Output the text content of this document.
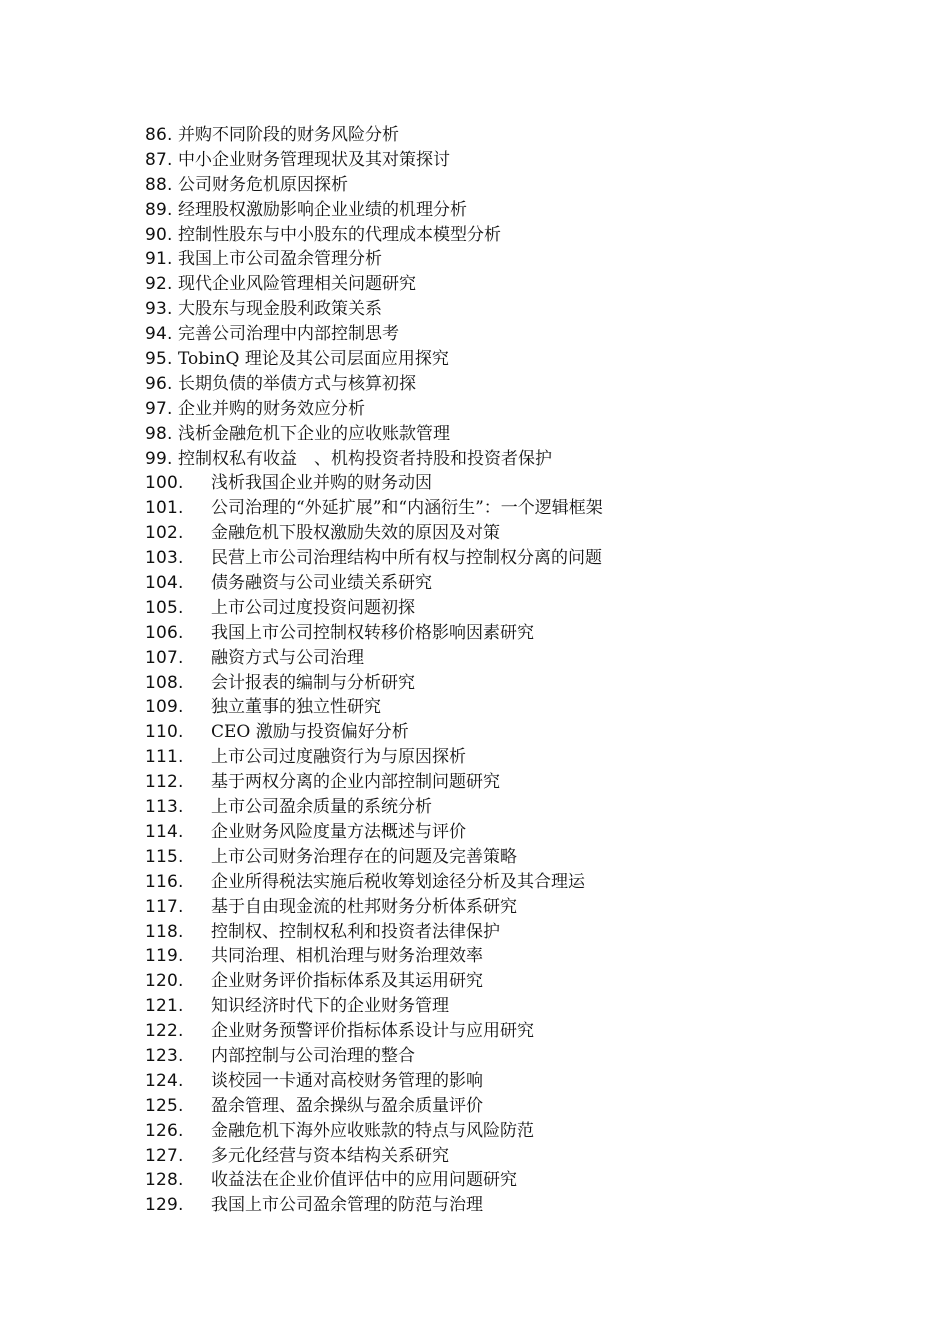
86. 并购不同阶段的财务风险分析
87. 中小企业财务管理现状及其对策探讨
88. 公司财务危机原因探析
89. 经理股权激励影响企业业绩的机理分析
90. 控制性股东与中小股东的代理成本模型分析
91. 我国上市公司盈余管理分析
92. 现代企业风险管理相关问题研究
93. 大股东与现金股利政策关系
94. 完善公司治理中内部控制思考
95. TobinQ 理论及其公司层面应用探究
96. 长期负债的举债方式与核算初探
97. 企业并购的财务效应分析
98. 浅析金融危机下企业的应收账款管理
99. 控制权私有收益　、机构投资者持股和投资者保护
100.	浅析我国企业并购的财务动因
101.	公司治理的“外延扩展”和“内涵衍生”：一个逻辑框架
102.	金融危机下股权激励失效的原因及对策
103.	民营上市公司治理结构中所有权与控制权分离的问题
104.	债务融资与公司业绩关系研究
105.	上市公司过度投资问题初探
106.	我国上市公司控制权转移价格影响因素研究
107.	融资方式与公司治理
108.	会计报表的编制与分析研究
109.	独立董事的独立性研究
110.	CEO 激励与投资偏好分析
111.	上市公司过度融资行为与原因探析
112.	基于两权分离的企业内部控制问题研究
113.	上市公司盈余质量的系统分析
114.	企业财务风险度量方法概述与评价
115.	上市公司财务治理存在的问题及完善策略
116.	企业所得税法实施后税收筹划途径分析及其合理运
117.	基于自由现金流的杜邦财务分析体系研究
118.	控制权、控制权私利和投资者法律保护
119.	共同治理、相机治理与财务治理效率
120.	企业财务评价指标体系及其运用研究
121.	知识经济时代下的企业财务管理
122.	企业财务预警评价指标体系设计与应用研究
123.	内部控制与公司治理的整合
124.	谈校园一卡通对高校财务管理的影响
125.	盈余管理、盈余操纵与盈余质量评价
126.	金融危机下海外应收账款的特点与风险防范
127.	多元化经营与资本结构关系研究
128.	收益法在企业价值评估中的应用问题研究
129.	我国上市公司盈余管理的防范与治理
